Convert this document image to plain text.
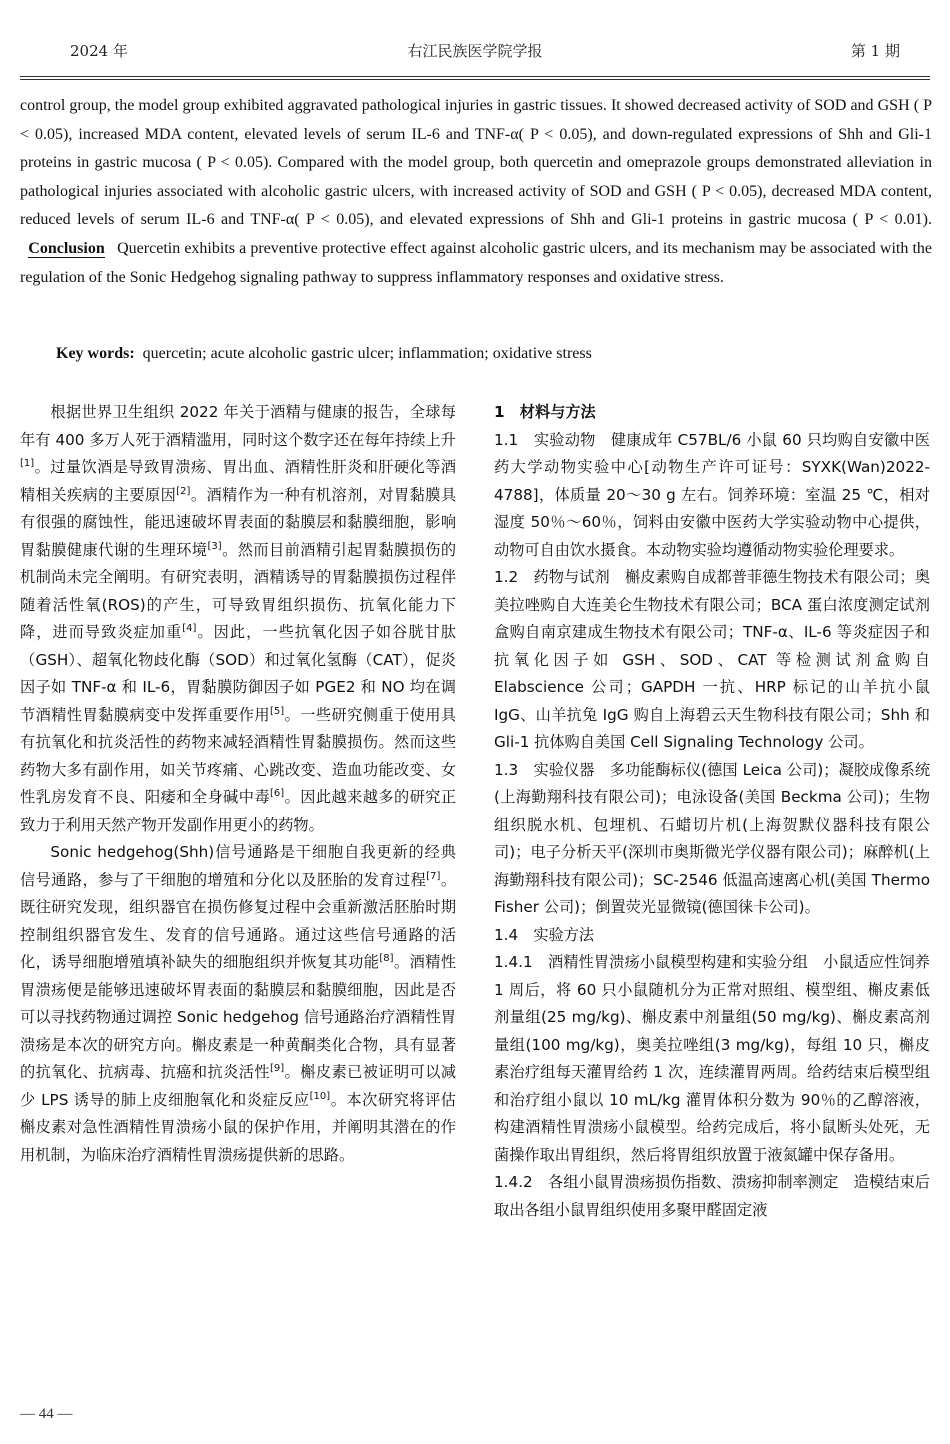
2024 年	右江民族医学院学报	第 1 期
control group, the model group exhibited aggravated pathological injuries in gastric tissues. It showed decreased activity of SOD and GSH ( P < 0.05), increased MDA content, elevated levels of serum IL-6 and TNF-α( P < 0.05), and down-regulated expressions of Shh and Gli-1 proteins in gastric mucosa ( P < 0.05). Compared with the model group, both quercetin and omeprazole groups demonstrated alleviation in pathological injuries associated with alcoholic gastric ulcers, with increased activity of SOD and GSH ( P < 0.05), decreased MDA content, reduced levels of serum IL-6 and TNF-α( P < 0.05), and elevated expressions of Shh and Gli-1 proteins in gastric mucosa ( P < 0.01).   Conclusion Quercetin exhibits a preventive protective effect against alcoholic gastric ulcers, and its mechanism may be associated with the regulation of the Sonic Hedgehog signaling pathway to suppress inflammatory responses and oxidative stress.
Key words: quercetin; acute alcoholic gastric ulcer; inflammation; oxidative stress

根据世界卫生组织 2022 年关于酒精与健康的报告，全球每年有 400 多万人死于酒精滥用，同时这个数字还在每年持续上升[1]。过量饮酒是导致胃溃疡、胃出血、酒精性肝炎和肝硬化等酒精相关疾病的主要原因[2]。酒精作为一种有机溶剂，对胃黏膜具有很强的腐蚀性，能迅速破坏胃表面的黏膜层和黏膜细胞，影响胃黏膜健康代谢的生理环境[3]。然而目前酒精引起胃黏膜损伤的机制尚未完全阐明。有研究表明，酒精诱导的胃黏膜损伤过程伴随着活性氧(ROS)的产生，可导致胃组织损伤、抗氧化能力下降，进而导致炎症加重[4]。因此，一些抗氧化因子如谷胱甘肽（GSH）、超氧化物歧化酶（SOD）和过氧化氢酶（CAT），促炎因子如 TNF-α 和 IL-6，胃黏膜防御因子如 PGE2 和 NO 均在调节酒精性胃黏膜病变中发挥重要作用[5]。一些研究侧重于使用具有抗氧化和抗炎活性的药物来减轻酒精性胃黏膜损伤。然而这些药物大多有副作用，如关节疼痛、心跳改变、造血功能改变、女性乳房发育不良、阳痿和全身碱中毒[6]。因此越来越多的研究正致力于利用天然产物开发副作用更小的药物。

Sonic hedgehog(Shh)信号通路是干细胞自我更新的经典信号通路，参与了干细胞的增殖和分化以及胚胎的发育过程[7]。既往研究发现，组织器官在损伤修复过程中会重新激活胚胎时期控制组织器官发生、发育的信号通路。通过这些信号通路的活化，诱导细胞增殖填补缺失的细胞组织并恢复其功能[8]。酒精性胃溃疡便是能够迅速破坏胃表面的黏膜层和黏膜细胞，因此是否可以寻找药物通过调控 Sonic hedgehog 信号通路治疗酒精性胃溃疡是本次的研究方向。槲皮素是一种黄酮类化合物，具有显著的抗氧化、抗病毒、抗癌和抗炎活性[9]。槲皮素已被证明可以减少 LPS 诱导的肺上皮细胞氧化和炎症反应[10]。本次研究将评估槲皮素对急性酒精性胃溃疡小鼠的保护作用，并阐明其潜在的作用机制，为临床治疗酒精性胃溃疡提供新的思路。

1　材料与方法

1.1　实验动物 健康成年 C57BL/6 小鼠 60 只均购自安徽中医药大学动物实验中心[动物生产许可证号：SYXK(Wan)2022-4788]，体质量 20～30 g 左右。饲养环境：室温 25 ℃，相对湿度 50％～60％，饲料由安徽中医药大学实验动物中心提供，动物可自由饮水摄食。本动物实验均遵循动物实验伦理要求。

1.2　药物与试剂 槲皮素购自成都普菲德生物技术有限公司；奥美拉唑购自大连美仑生物技术有限公司；BCA 蛋白浓度测定试剂盒购自南京建成生物技术有限公司；TNF-α、IL-6 等炎症因子和抗氧化因子如 GSH、SOD、CAT 等检测试剂盒购自 Elabscience 公司；GAPDH 一抗、HRP 标记的山羊抗小鼠 IgG、山羊抗兔 IgG 购自上海碧云天生物科技有限公司；Shh 和 Gli-1 抗体购自美国 Cell Signaling Technology 公司。

1.3　实验仪器 多功能酶标仪(德国 Leica 公司)；凝胶成像系统(上海勤翔科技有限公司)；电泳设备(美国 Beckma 公司)；生物组织脱水机、包埋机、石蜡切片机(上海贺默仪器科技有限公司)；电子分析天平(深圳市奥斯微光学仪器有限公司)；麻醉机(上海勤翔科技有限公司)；SC-2546 低温高速离心机(美国 Thermo Fisher 公司)；倒置荧光显微镜(德国徕卡公司)。

1.4　实验方法

1.4.1　酒精性胃溃疡小鼠模型构建和实验分组 小鼠适应性饲养 1 周后，将 60 只小鼠随机分为正常对照组、模型组、槲皮素低剂量组(25 mg/kg)、槲皮素中剂量组(50 mg/kg)、槲皮素高剂量组(100 mg/kg)，奥美拉唑组(3 mg/kg)，每组 10 只，槲皮素治疗组每天灌胃给药 1 次，连续灌胃两周。给药结束后模型组和治疗组小鼠以 10 mL/kg 灌胃体积分数为 90％的乙醇溶液，构建酒精性胃溃疡小鼠模型。给药完成后，将小鼠断头处死，无菌操作取出胃组织，然后将胃组织放置于液氮罐中保存备用。

1.4.2　各组小鼠胃溃疡损伤指数、溃疡抑制率测定 造模结束后取出各组小鼠胃组织使用多聚甲醛固定液

— 44 —
